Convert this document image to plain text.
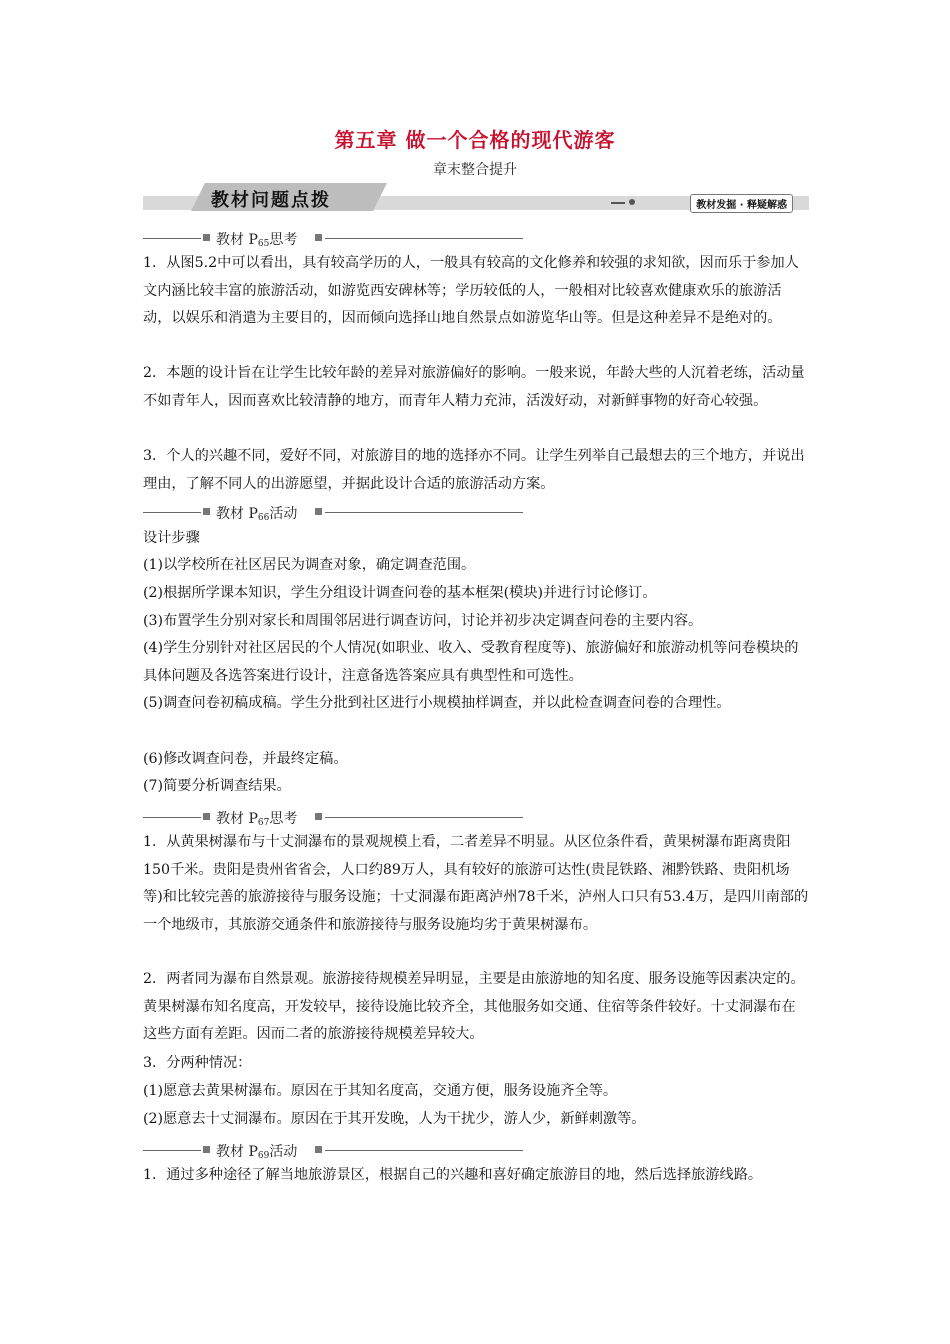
第五章 做一个合格的现代游客
章末整合提升
教材问题点拨	教材发掘 · 释疑解惑
教材 $P_{65}$思考

1．从图5.2中可以看出，具有较高学历的人，一般具有较高的文化修养和较强的求知欲，因而乐于参加人文内涵比较丰富的旅游活动，如游览西安碑林等；学历较低的人，一般相对比较喜欢健康欢乐的旅游活动，以娱乐和消遣为主要目的，因而倾向选择山地自然景点如游览华山等。但是这种差异不是绝对的。

2．本题的设计旨在让学生比较年龄的差异对旅游偏好的影响。一般来说，年龄大些的人沉着老练，活动量不如青年人，因而喜欢比较清静的地方，而青年人精力充沛，活泼好动，对新鲜事物的好奇心较强。

3．个人的兴趣不同，爱好不同，对旅游目的地的选择亦不同。让学生列举自己最想去的三个地方，并说出理由，了解不同人的出游愿望，并据此设计合适的旅游活动方案。

教材 $P_{66}$活动

设计步骤

(1)以学校所在社区居民为调查对象，确定调查范围。

(2)根据所学课本知识，学生分组设计调查问卷的基本框架(模块)并进行讨论修订。

(3)布置学生分别对家长和周围邻居进行调查访问，讨论并初步决定调查问卷的主要内容。

(4)学生分别针对社区居民的个人情况(如职业、收入、受教育程度等)、旅游偏好和旅游动机等问卷模块的具体问题及各选答案进行设计，注意备选答案应具有典型性和可选性。

(5)调查问卷初稿成稿。学生分批到社区进行小规模抽样调查，并以此检查调查问卷的合理性。

(6)修改调查问卷，并最终定稿。

(7)简要分析调查结果。

教材 $P_{67}$思考

1．从黄果树瀑布与十丈洞瀑布的景观规模上看，二者差异不明显。从区位条件看，黄果树瀑布距离贵阳150千米。贵阳是贵州省省会，人口约89万人，具有较好的旅游可达性(贵昆铁路、湘黔铁路、贵阳机场等)和比较完善的旅游接待与服务设施；十丈洞瀑布距离泸州78千米，泸州人口只有53.4万，是四川南部的一个地级市，其旅游交通条件和旅游接待与服务设施均劣于黄果树瀑布。

2．两者同为瀑布自然景观。旅游接待规模差异明显，主要是由旅游地的知名度、服务设施等因素决定的。黄果树瀑布知名度高，开发较早，接待设施比较齐全，其他服务如交通、住宿等条件较好。十丈洞瀑布在这些方面有差距。因而二者的旅游接待规模差异较大。

3．分两种情况：

(1)愿意去黄果树瀑布。原因在于其知名度高，交通方便，服务设施齐全等。

(2)愿意去十丈洞瀑布。原因在于其开发晚，人为干扰少，游人少，新鲜刺激等。

教材 $P_{69}$活动

1．通过多种途径了解当地旅游景区，根据自己的兴趣和喜好确定旅游目的地，然后选择旅游线路。
